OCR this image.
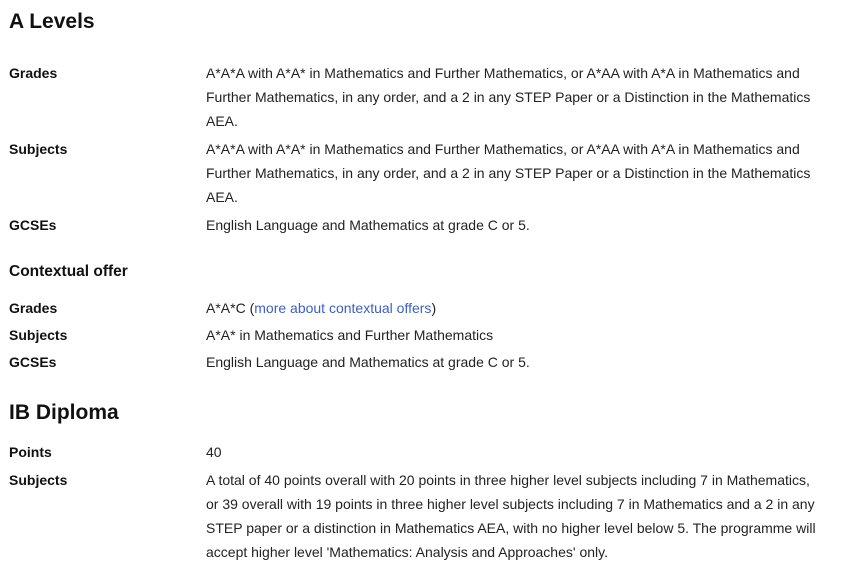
A Levels
Grades	A*A*A with A*A* in Mathematics and Further Mathematics, or A*AA with A*A in Mathematics and Further Mathematics, in any order, and a 2 in any STEP Paper or a Distinction in the Mathematics AEA.
Subjects	A*A*A with A*A* in Mathematics and Further Mathematics, or A*AA with A*A in Mathematics and Further Mathematics, in any order, and a 2 in any STEP Paper or a Distinction in the Mathematics AEA.
GCSEs	English Language and Mathematics at grade C or 5.
Contextual offer
Grades	A*A*C (more about contextual offers)
Subjects	A*A* in Mathematics and Further Mathematics
GCSEs	English Language and Mathematics at grade C or 5.
IB Diploma
Points	40
Subjects	A total of 40 points overall with 20 points in three higher level subjects including 7 in Mathematics, or 39 overall with 19 points in three higher level subjects including 7 in Mathematics and a 2 in any STEP paper or a distinction in Mathematics AEA, with no higher level below 5. The programme will accept higher level 'Mathematics: Analysis and Approaches' only.
